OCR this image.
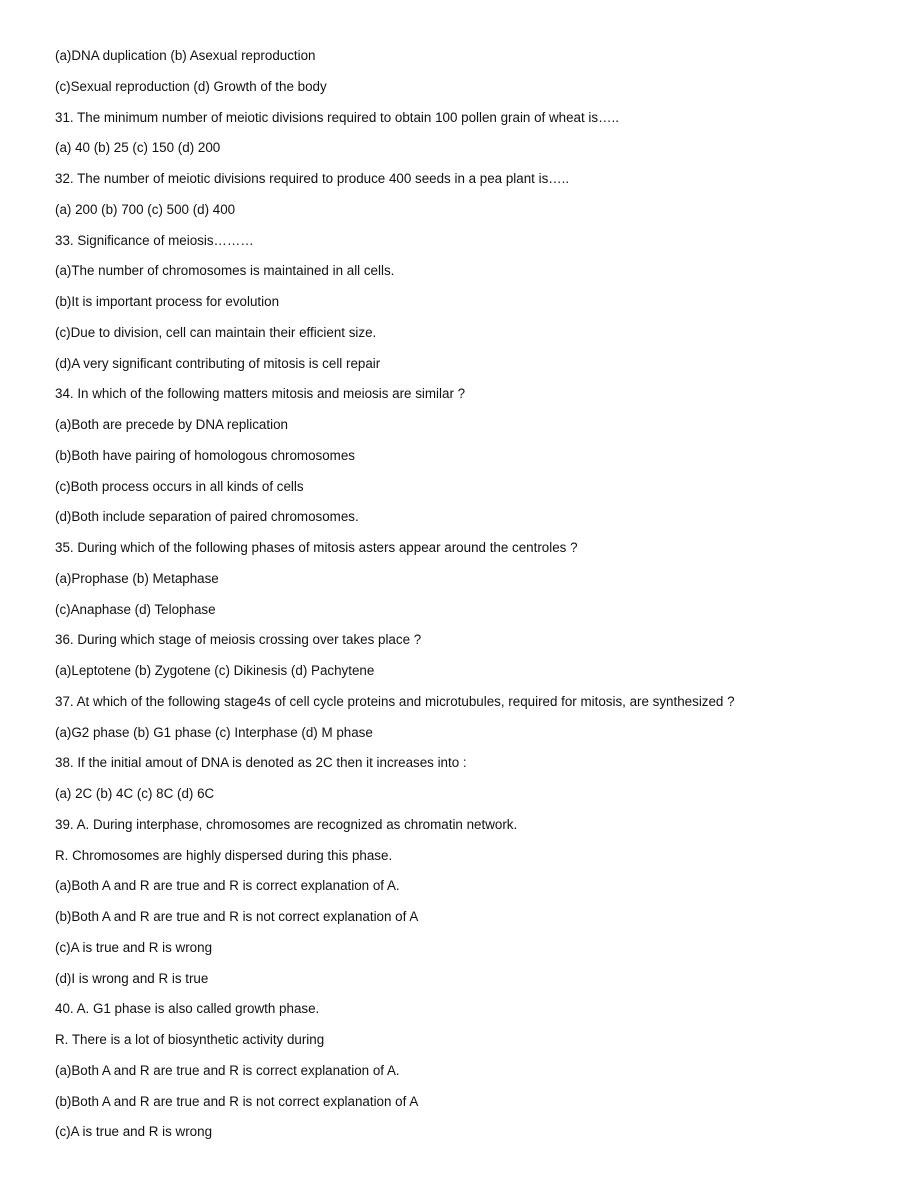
(a)DNA duplication (b) Asexual reproduction
(c)Sexual reproduction (d) Growth of the body
31. The minimum number of meiotic divisions required to obtain 100 pollen grain of wheat is…..
(a) 40 (b) 25 (c) 150 (d) 200
32. The number of meiotic divisions required to produce 400 seeds in a pea plant is…..
(a) 200 (b) 700 (c) 500 (d) 400
33. Significance of meiosis………
(a)The number of chromosomes is maintained in all cells.
(b)It is important process for evolution
(c)Due to division, cell can maintain their efficient size.
(d)A very significant contributing of mitosis is cell repair
34. In which of the following matters mitosis and meiosis are similar ?
(a)Both are precede by DNA replication
(b)Both have pairing of homologous chromosomes
(c)Both process occurs in all kinds of cells
(d)Both include separation of paired chromosomes.
35. During which of the following phases of mitosis asters appear around the centroles ?
(a)Prophase (b) Metaphase
(c)Anaphase (d) Telophase
36. During which stage of meiosis crossing over takes place ?
(a)Leptotene (b) Zygotene (c) Dikinesis (d) Pachytene
37. At which of the following stage4s of cell cycle proteins and microtubules, required for mitosis, are synthesized ?
(a)G2 phase (b) G1 phase (c) Interphase (d) M phase
38. If the initial amout of DNA is denoted as 2C then it increases into :
(a) 2C (b) 4C (c) 8C (d) 6C
39. A. During interphase, chromosomes are recognized as chromatin network.
R. Chromosomes are highly dispersed during this phase.
(a)Both A and R are true and R is correct explanation of A.
(b)Both A and R are true and R is not correct explanation of A
(c)A is true and R is wrong
(d)I is wrong and R is true
40. A. G1 phase is also called growth phase.
R. There is a lot of biosynthetic activity during
(a)Both A and R are true and R is correct explanation of A.
(b)Both A and R are true and R is not correct explanation of A
(c)A is true and R is wrong
